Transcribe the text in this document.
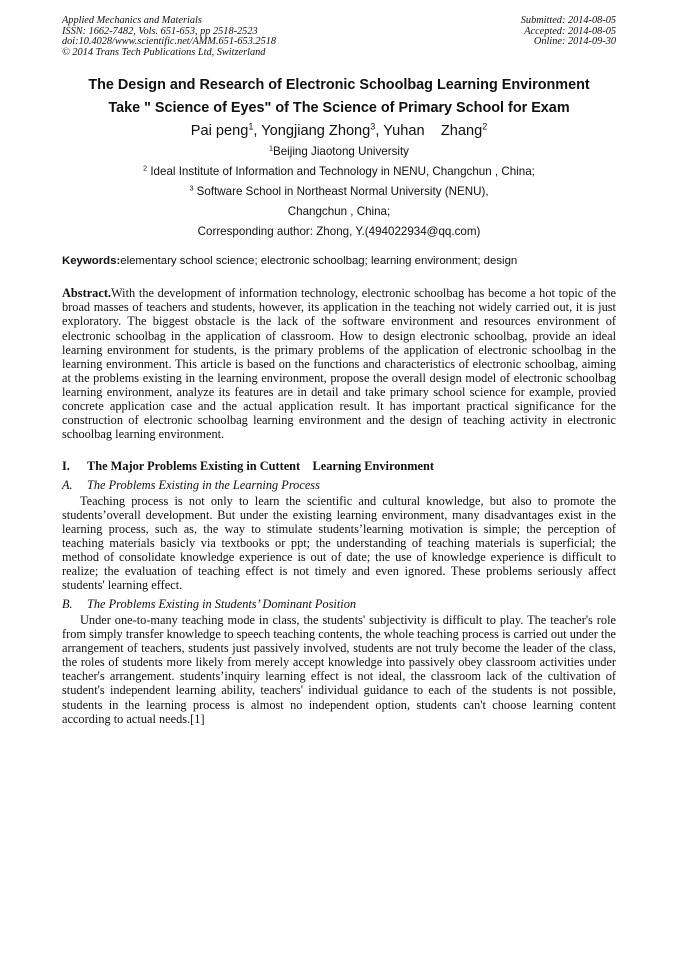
Applied Mechanics and Materials
ISSN: 1662-7482, Vols. 651-653, pp 2518-2523
doi:10.4028/www.scientific.net/AMM.651-653.2518
© 2014 Trans Tech Publications Ltd, Switzerland
Submitted: 2014-08-05
Accepted: 2014-08-05
Online: 2014-09-30
The Design and Research of Electronic Schoolbag Learning Environment
Take " Science of Eyes" of The Science of Primary School for Exam
Pai peng$^1$, Yongjiang Zhong$^3$, Yuhan    Zhang$^2$
$^1$Beijing Jiaotong University
$^2$ Ideal Institute of Information and Technology in NENU, Changchun , China;
$^3$ Software School in Northeast Normal University (NENU),
Changchun , China;
Corresponding author: Zhong, Y.(494022934@qq.com)
Keywords:elementary school science; electronic schoolbag; learning environment; design
Abstract.With the development of information technology, electronic schoolbag has become a hot topic of the broad masses of teachers and students, however, its application in the teaching not widely carried out, it is just exploratory. The biggest obstacle is the lack of the software environment and resources environment of electronic schoolbag in the application of classroom. How to design electronic schoolbag, provide an ideal learning environment for students, is the primary problems of the application of electronic schoolbag in the learning environment. This article is based on the functions and characteristics of electronic schoolbag, aiming at the problems existing in the learning environment, propose the overall design model of electronic schoolbag learning environment, analyze its features are in detail and take primary school science for example, provied concrete application case and the actual application result. It has important practical significance for the construction of electronic schoolbag learning environment and the design of teaching activity in electronic schoolbag learning environment.
I. The Major Problems Existing in Cuttent    Learning Environment
A. The Problems Existing in the Learning Process
Teaching process is not only to learn the scientific and cultural knowledge, but also to promote the students’overall development. But under the existing learning environment, many disadvantages exist in the learning process, such as, the way to stimulate students’learning motivation is simple; the perception of teaching materials basicly via textbooks or ppt; the understanding of teaching materials is superficial; the method of consolidate knowledge experience is out of date; the use of knowledge experience is difficult to realize; the evaluation of teaching effect is not timely and even ignored. These problems seriously affect students' learning effect.
B. The Problems Existing in Students’ Dominant Position
Under one-to-many teaching mode in class, the students' subjectivity is difficult to play. The teacher's role from simply transfer knowledge to speech teaching contents, the whole teaching process is carried out under the arrangement of teachers, students just passively involved, students are not truly become the leader of the class, the roles of students more likely from merely accept knowledge into passively obey classroom activities under teacher's arrangement. students’inquiry learning effect is not ideal, the classroom lack of the cultivation of student's independent learning ability, teachers' individual guidance to each of the students is not possible, students in the learning process is almost no independent option, students can't choose learning content according to actual needs.[1]
